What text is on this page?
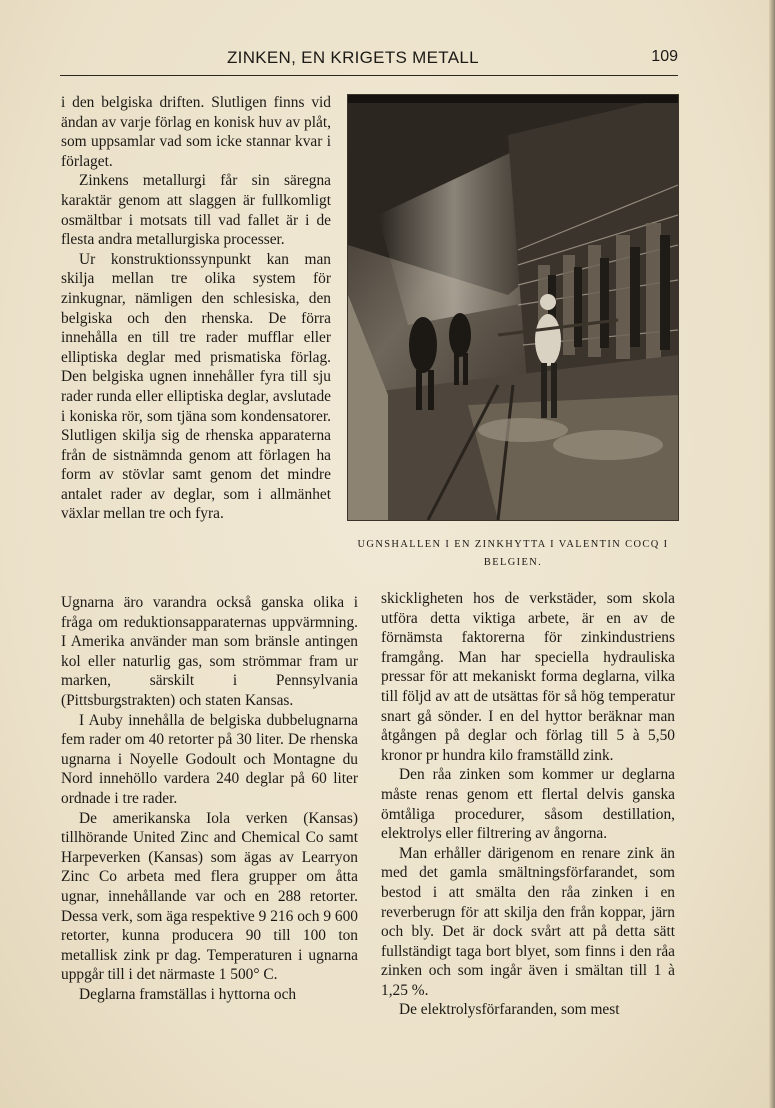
ZINKEN, EN KRIGETS METALL	109

i den belgiska driften. Slutligen finns vid ändan av varje förlag en konisk huv av plåt, som uppsamlar vad som icke stannar kvar i förlaget.

Zinkens metallurgi får sin säregna karaktär genom att slaggen är fullkomligt osmältbar i motsats till vad fallet är i de flesta andra metallurgiska processer.

Ur konstruktionssynpunkt kan man skilja mellan tre olika system för zinkugnar, nämligen den schlesiska, den belgiska och den rhenska. De förra innehålla en till tre rader mufflar eller elliptiska deglar med prismatiska förlag. Den belgiska ugnen innehåller fyra till sju rader runda eller elliptiska deglar, avslutade i koniska rör, som tjäna som kondensatorer. Slutligen skilja sig de rhenska apparaterna från de sistnämnda genom att förlagen ha form av stövlar samt genom det mindre antalet rader av deglar, som i allmänhet växlar mellan tre och fyra.

UGNSHALLEN I EN ZINKHYTTA I VALENTIN COCQ I BELGIEN.

Ugnarna äro varandra också ganska olika i fråga om reduktionsapparaternas uppvärmning. I Amerika använder man som bränsle antingen kol eller naturlig gas, som strömmar fram ur marken, särskilt i Pennsylvania (Pittsburgstrakten) och staten Kansas.

I Auby innehålla de belgiska dubbelugnarna fem rader om 40 retorter på 30 liter. De rhenska ugnarna i Noyelle Godoult och Montagne du Nord innehöllo vardera 240 deglar på 60 liter ordnade i tre rader.

De amerikanska Iola verken (Kansas) tillhörande United Zinc and Chemical Co samt Harpeverken (Kansas) som ägas av Learryon Zinc Co arbeta med flera grupper om åtta ugnar, innehållande var och en 288 retorter. Dessa verk, som äga respektive 9 216 och 9 600 retorter, kunna producera 90 till 100 ton metallisk zink pr dag. Temperaturen i ugnarna uppgår till i det närmaste 1 500° C.

Deglarna framställas i hyttorna och

skickligheten hos de verkstäder, som skola utföra detta viktiga arbete, är en av de förnämsta faktorerna för zinkindustriens framgång. Man har speciella hydrauliska pressar för att mekaniskt forma deglarna, vilka till följd av att de utsättas för så hög temperatur snart gå sönder. I en del hyttor beräknar man åtgången på deglar och förlag till 5 à 5,50 kronor pr hundra kilo framställd zink.

Den råa zinken som kommer ur deglarna måste renas genom ett flertal delvis ganska ömtåliga procedurer, såsom destillation, elektrolys eller filtrering av ångorna.

Man erhåller därigenom en renare zink än med det gamla smältningsförfarandet, som bestod i att smälta den råa zinken i en reverberugn för att skilja den från koppar, järn och bly. Det är dock svårt att på detta sätt fullständigt taga bort blyet, som finns i den råa zinken och som ingår även i smältan till 1 à 1,25 %.

De elektrolysförfaranden, som mest
